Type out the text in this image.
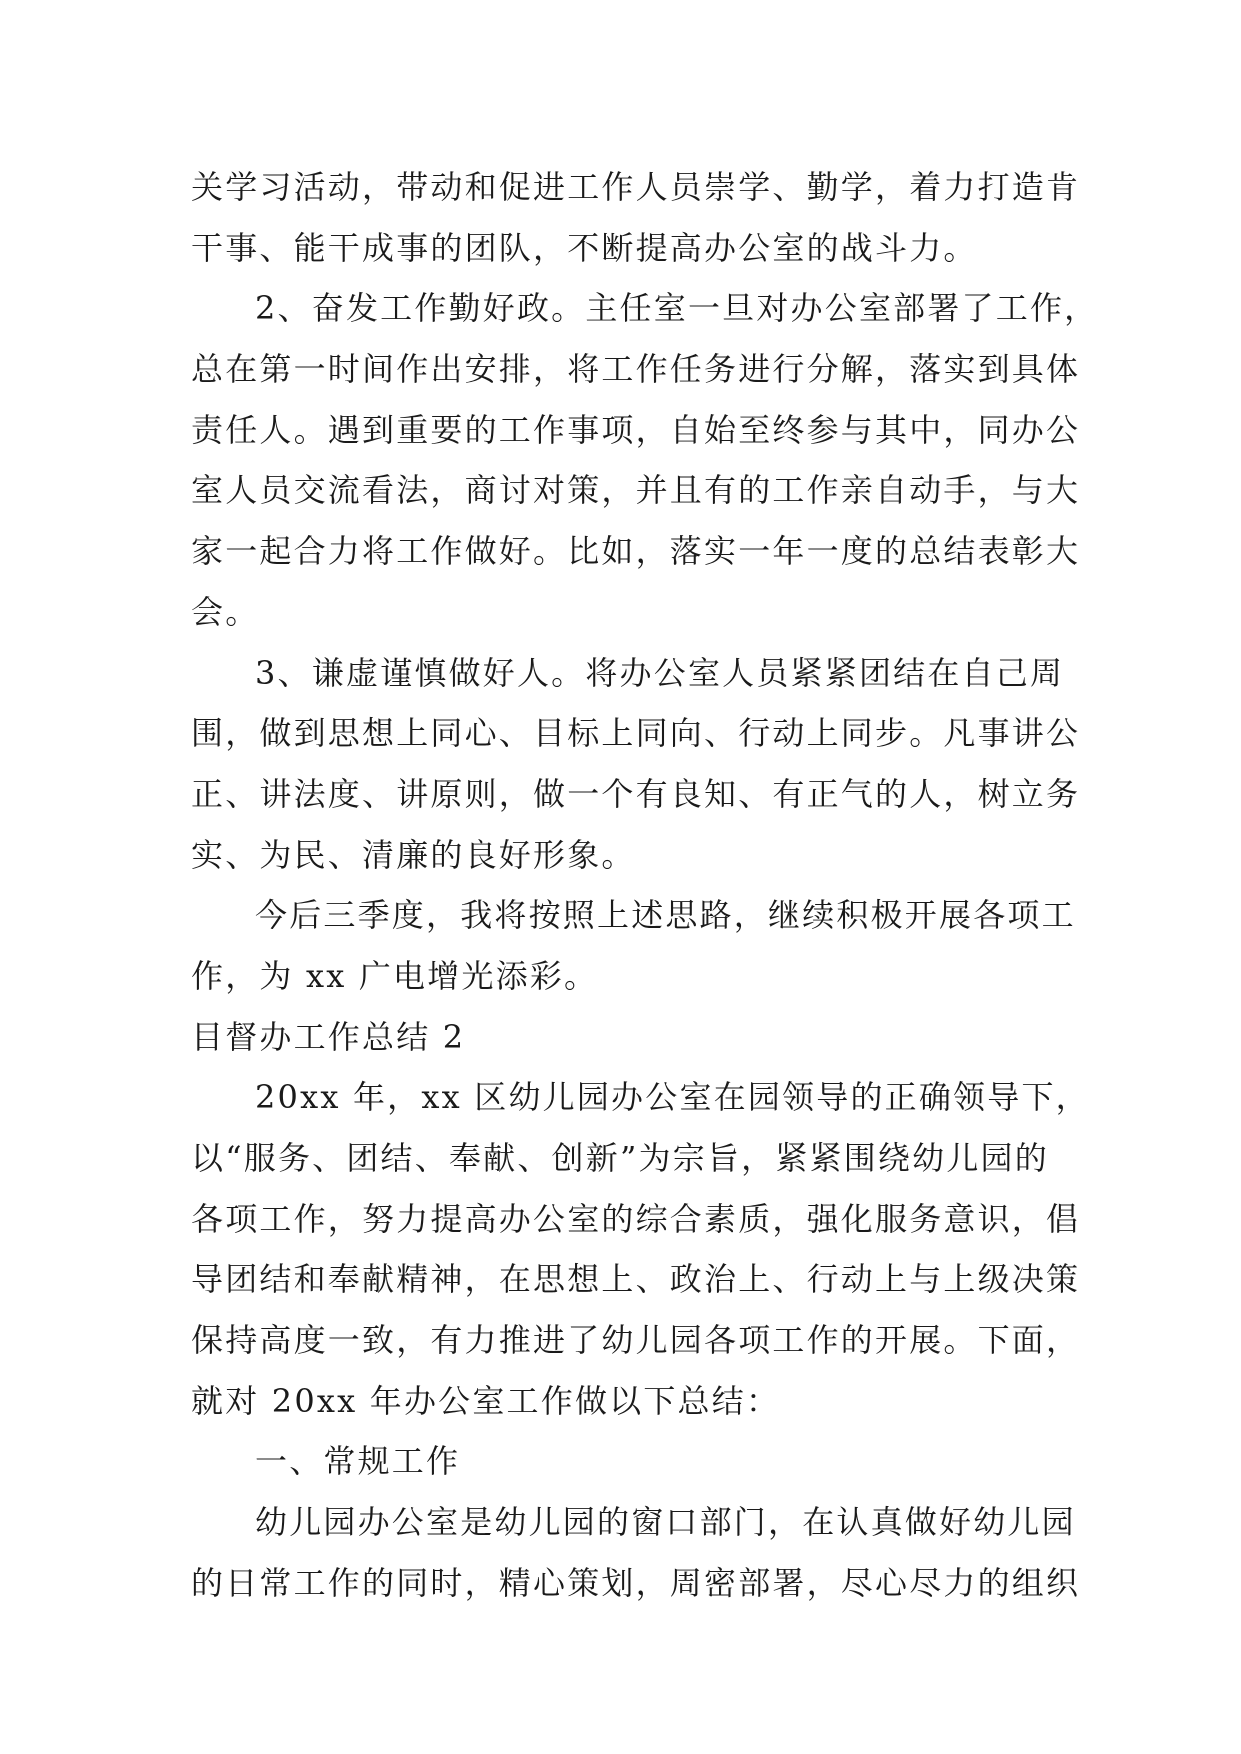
关学习活动，带动和促进工作人员崇学、勤学，着力打造肯
干事、能干成事的团队，不断提高办公室的战斗力。
2、奋发工作勤好政。主任室一旦对办公室部署了工作，
总在第一时间作出安排，将工作任务进行分解，落实到具体
责任人。遇到重要的工作事项，自始至终参与其中，同办公
室人员交流看法，商讨对策，并且有的工作亲自动手，与大
家一起合力将工作做好。比如，落实一年一度的总结表彰大
会。
3、谦虚谨慎做好人。将办公室人员紧紧团结在自己周
围，做到思想上同心、目标上同向、行动上同步。凡事讲公
正、讲法度、讲原则，做一个有良知、有正气的人，树立务
实、为民、清廉的良好形象。
今后三季度，我将按照上述思路，继续积极开展各项工
作，为 xx 广电增光添彩。
目督办工作总结 2
20xx 年，xx 区幼儿园办公室在园领导的正确领导下，
以“服务、团结、奉献、创新”为宗旨，紧紧围绕幼儿园的
各项工作，努力提高办公室的综合素质，强化服务意识，倡
导团结和奉献精神，在思想上、政治上、行动上与上级决策
保持高度一致，有力推进了幼儿园各项工作的开展。下面，
就对 20xx 年办公室工作做以下总结：
一、常规工作
幼儿园办公室是幼儿园的窗口部门，在认真做好幼儿园
的日常工作的同时，精心策划，周密部署，尽心尽力的组织
